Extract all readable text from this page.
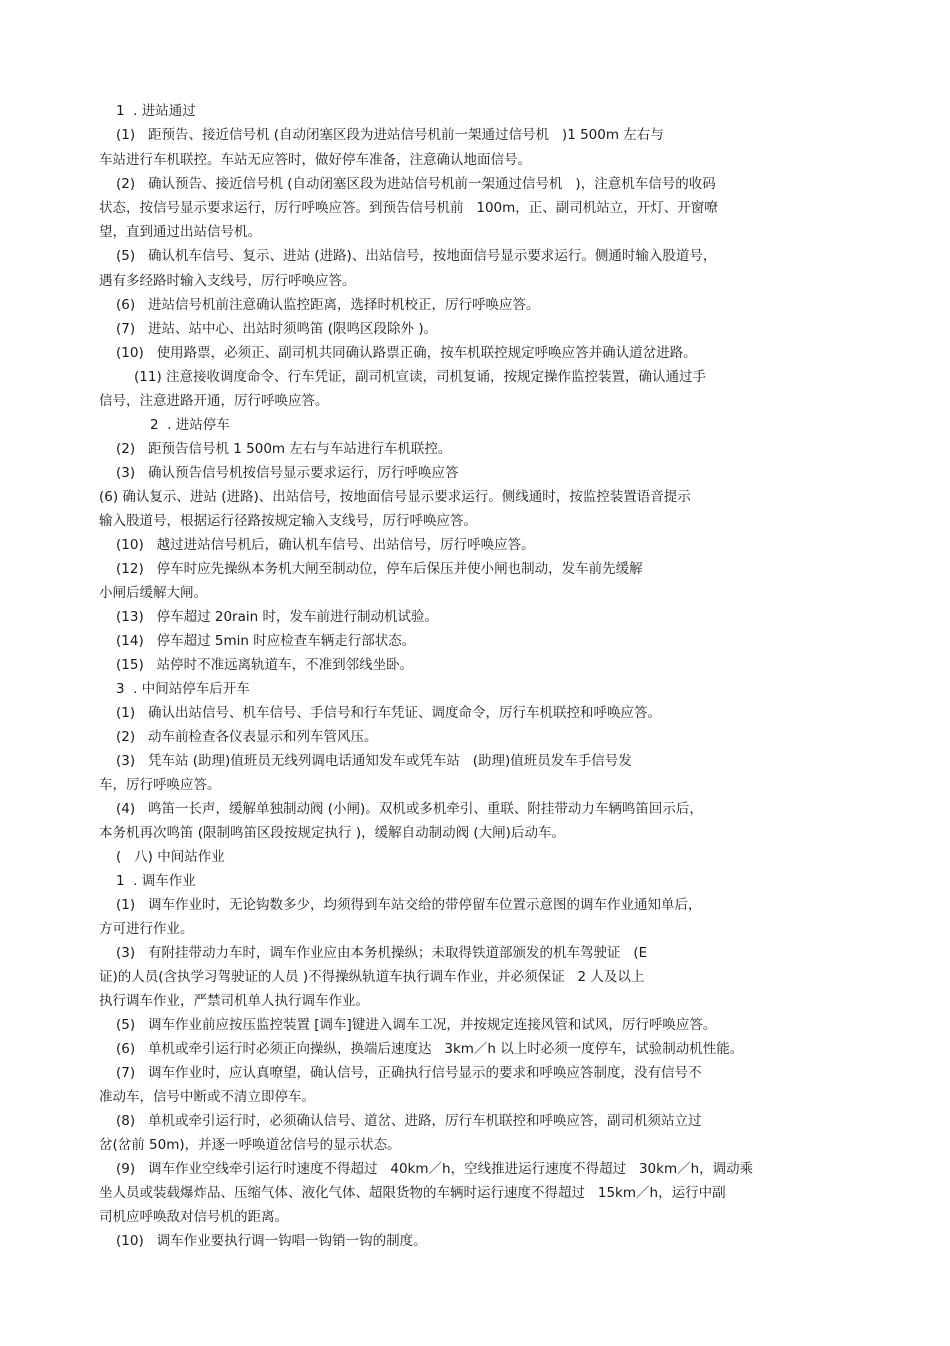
1  . 进站通过
(1)   距预告、接近信号机 (自动闭塞区段为进站信号机前一架通过信号机   )1 500m 左右与
车站进行车机联控。车站无应答时，做好停车准备，注意确认地面信号。
(2)   确认预告、接近信号机 (自动闭塞区段为进站信号机前一架通过信号机   )，注意机车信号的收码
状态，按信号显示要求运行，厉行呼唤应答。到预告信号机前   100m，正、副司机站立，开灯、开窗嘹
望，直到通过出站信号机。
(5)   确认机车信号、复示、进站 (进路)、出站信号，按地面信号显示要求运行。侧通时输入股道号，
遇有多经路时输入支线号，厉行呼唤应答。
(6)   进站信号机前注意确认监控距离，选择时机校正，厉行呼唤应答。
(7)   进站、站中心、出站时须鸣笛 (限鸣区段除外 )。
(10)   使用路票，必须正、副司机共同确认路票正确，按车机联控规定呼唤应答并确认道岔进路。
(11) 注意接收调度命令、行车凭证，副司机宣读，司机复诵，按规定操作监控装置，确认通过手
信号，注意进路开通，厉行呼唤应答。
2  . 进站停车
(2)   距预告信号机 1 500m 左右与车站进行车机联控。
(3)   确认预告信号机按信号显示要求运行，厉行呼唤应答
(6) 确认复示、进站 (进路)、出站信号，按地面信号显示要求运行。侧线通时，按监控装置语音提示
输入股道号，根据运行径路按规定输入支线号，厉行呼唤应答。
(10)   越过进站信号机后，确认机车信号、出站信号，厉行呼唤应答。
(12)   停车时应先操纵本务机大闸至制动位，停车后保压并使小闸也制动，发车前先缓解
小闸后缓解大闸。
(13)   停车超过 20rain 时，发车前进行制动机试验。
(14)   停车超过 5min 时应检查车辆走行部状态。
(15)   站停时不准远离轨道车，不准到邻线坐卧。
3  . 中间站停车后开车
(1)   确认出站信号、机车信号、手信号和行车凭证、调度命令，厉行车机联控和呼唤应答。
(2)   动车前检查各仪表显示和列车管风压。
(3)   凭车站 (助理)值班员无线列调电话通知发车或凭车站   (助理)值班员发车手信号发
车，厉行呼唤应答。
(4)   鸣笛一长声，缓解单独制动阀 (小闸)。双机或多机牵引、重联、附挂带动力车辆鸣笛回示后，
本务机再次鸣笛 (限制鸣笛区段按规定执行 )，缓解自动制动阀 (大闸)后动车。
(   八) 中间站作业
1  . 调车作业
(1)   调车作业时，无论钩数多少，均须得到车站交给的带停留车位置示意图的调车作业通知单后，
方可进行作业。
(3)   有附挂带动力车时，调车作业应由本务机操纵；未取得铁道部颁发的机车驾驶证   (E
证)的人员(含执学习驾驶证的人员 )不得操纵轨道车执行调车作业，并必须保证   2 人及以上
执行调车作业，严禁司机单人执行调车作业。
(5)   调车作业前应按压监控装置 [调车]键进入调车工况，并按规定连接风管和试风，厉行呼唤应答。
(6)   单机或牵引运行时必须正向操纵，换端后速度达   3km／h 以上时必须一度停车，试验制动机性能。
(7)   调车作业时，应认真嘹望，确认信号，正确执行信号显示的要求和呼唤应答制度，没有信号不
准动车，信号中断或不清立即停车。
(8)   单机或牵引运行时，必须确认信号、道岔、进路，厉行车机联控和呼唤应答，副司机须站立过
岔(岔前 50m)，并逐一呼唤道岔信号的显示状态。
(9)   调车作业空线牵引运行时速度不得超过   40km／h，空线推进运行速度不得超过   30km／h，调动乘
坐人员或装载爆炸品、压缩气体、液化气体、超限货物的车辆时运行速度不得超过   15km／h，运行中副
司机应呼唤敌对信号机的距离。
(10)   调车作业要执行调一钩唱一钩销一钩的制度。
